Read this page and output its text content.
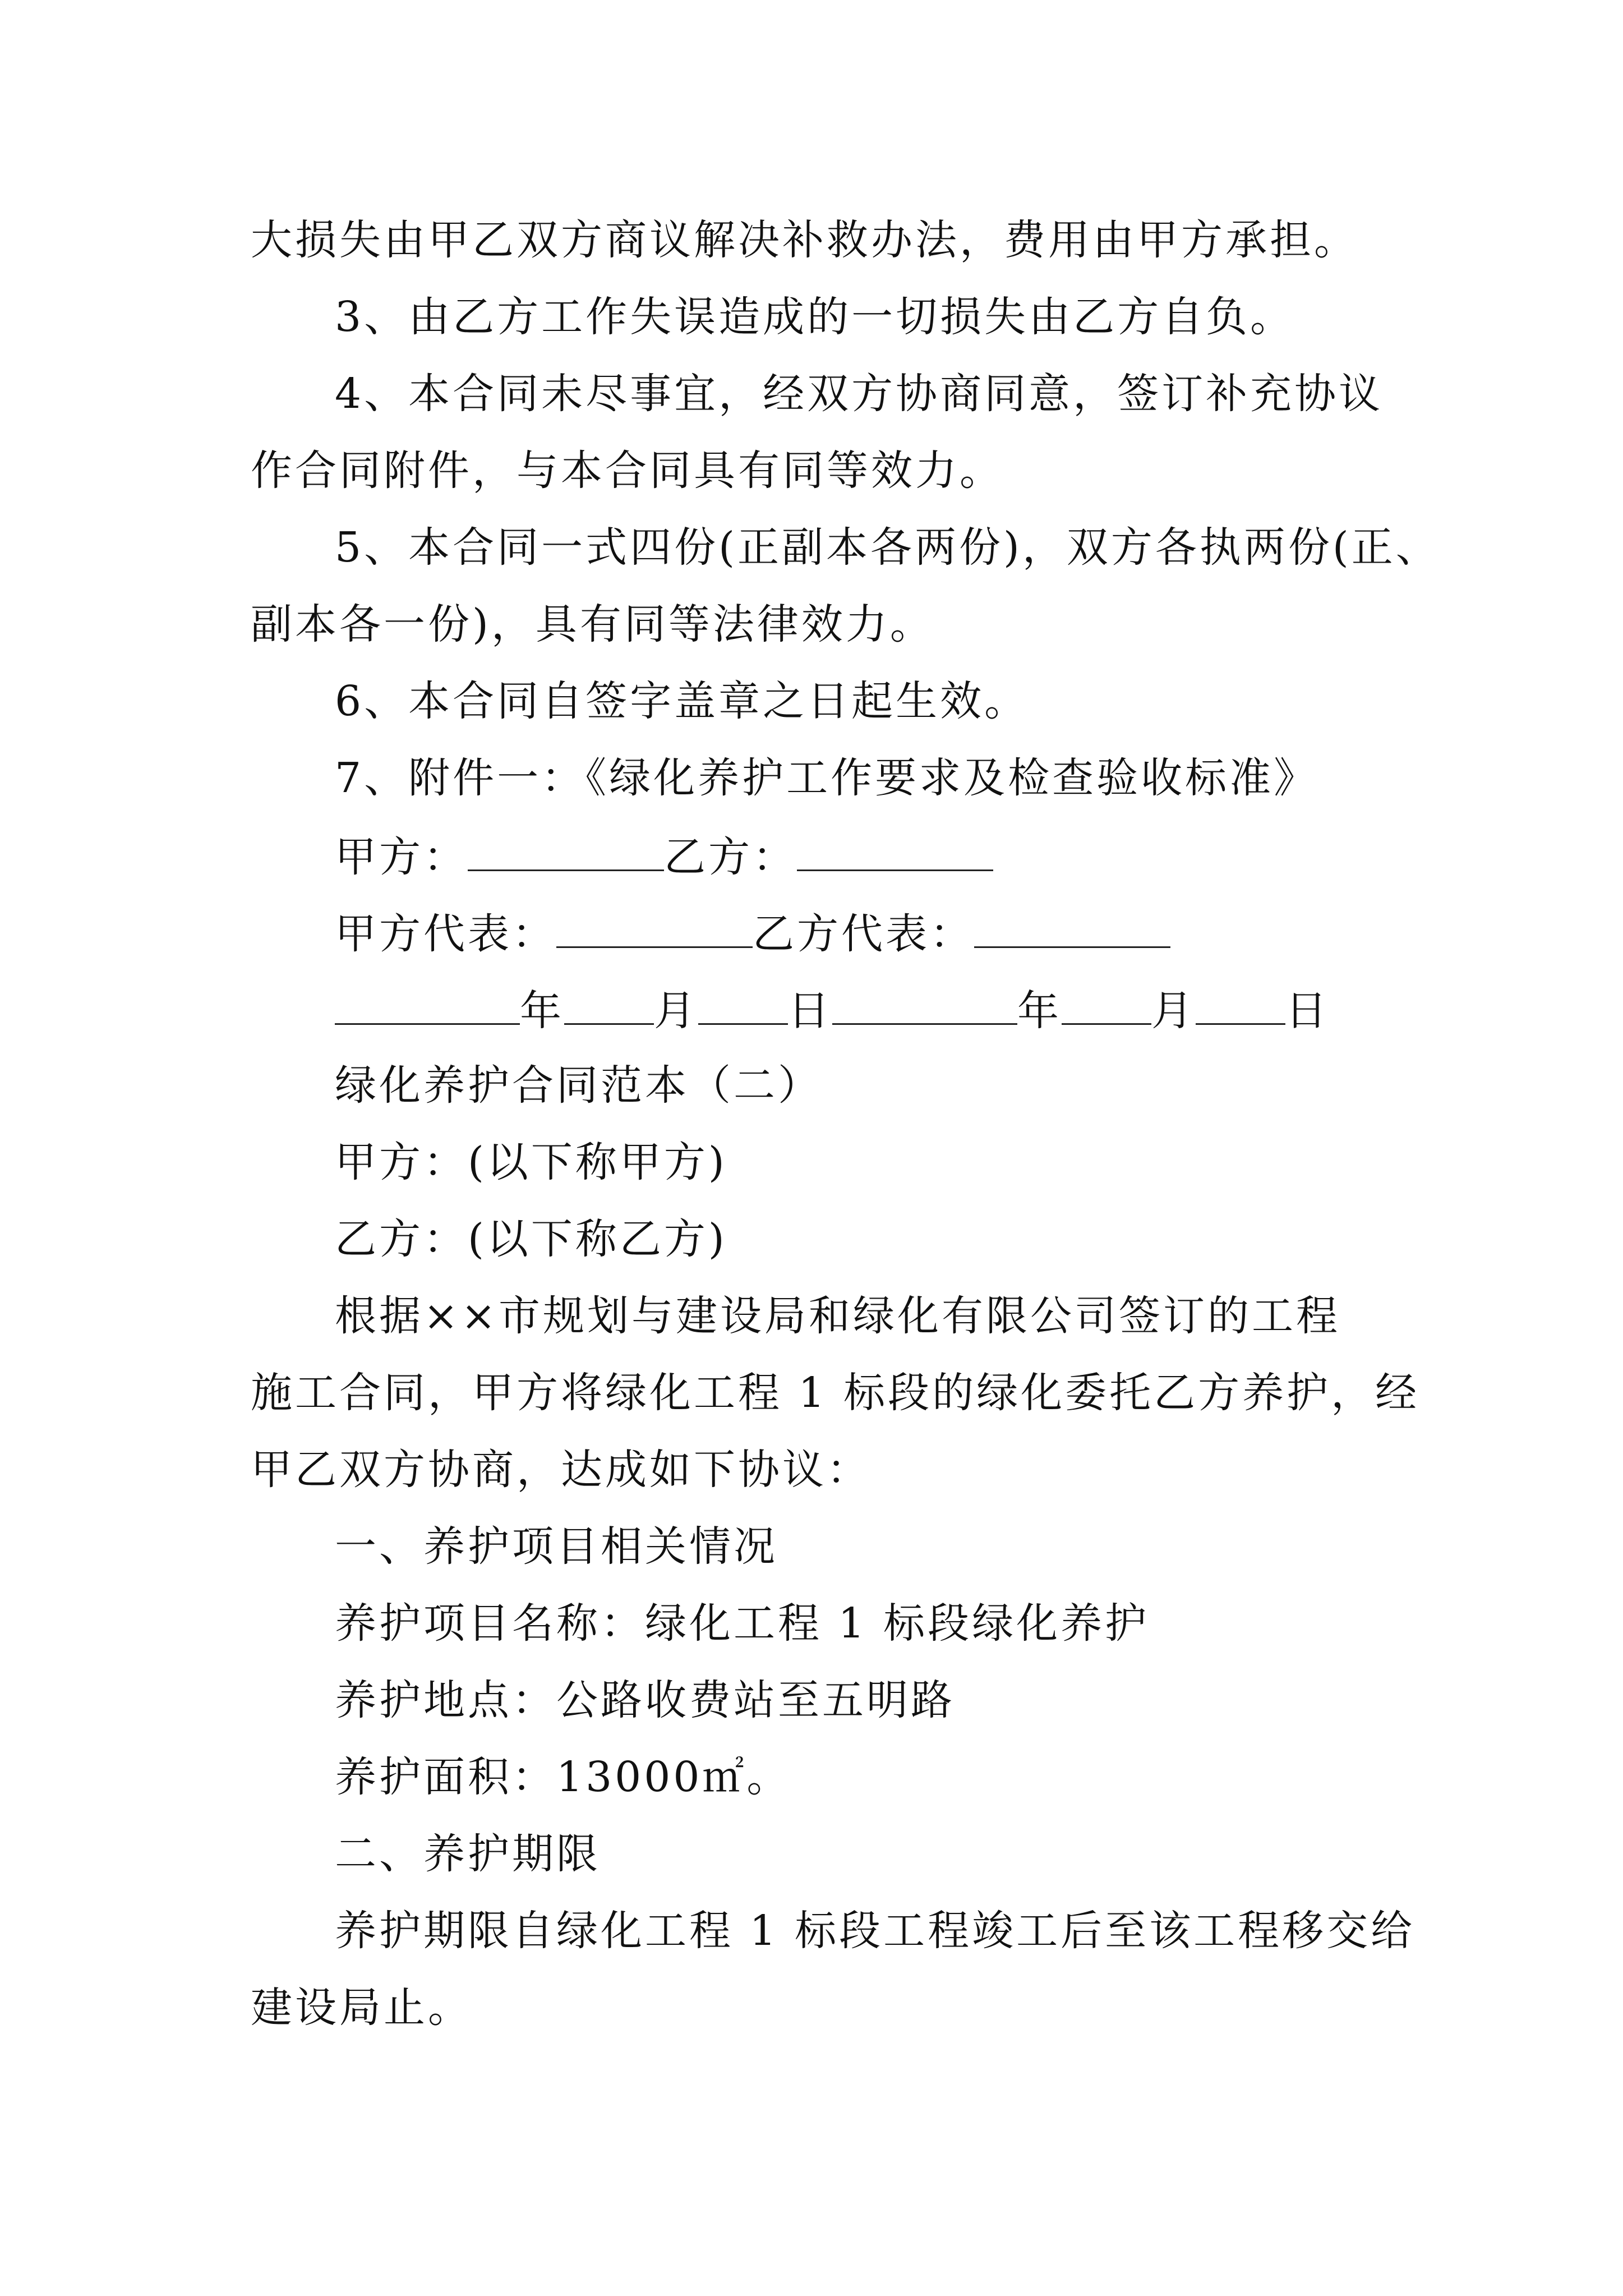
大损失由甲乙双方商议解决补救办法，费用由甲方承担。
3、由乙方工作失误造成的一切损失由乙方自负。
4、本合同未尽事宜，经双方协商同意，签订补充协议
作合同附件，与本合同具有同等效力。
5、本合同一式四份(正副本各两份)，双方各执两份(正、
副本各一份)，具有同等法律效力。
6、本合同自签字盖章之日起生效。
7、附件一：《绿化养护工作要求及检查验收标准》
甲方：	乙方：
甲方代表：	乙方代表：
年 月 日	年 月 日
绿化养护合同范本（二）
甲方：(以下称甲方)
乙方：(以下称乙方)
根据××市规划与建设局和绿化有限公司签订的工程
施工合同，甲方将绿化工程 1 标段的绿化委托乙方养护，经
甲乙双方协商，达成如下协议：
一、养护项目相关情况
养护项目名称：绿化工程 1 标段绿化养护
养护地点：公路收费站至五明路
养护面积：13000㎡。
二、养护期限
养护期限自绿化工程 1 标段工程竣工后至该工程移交给
建设局止。
